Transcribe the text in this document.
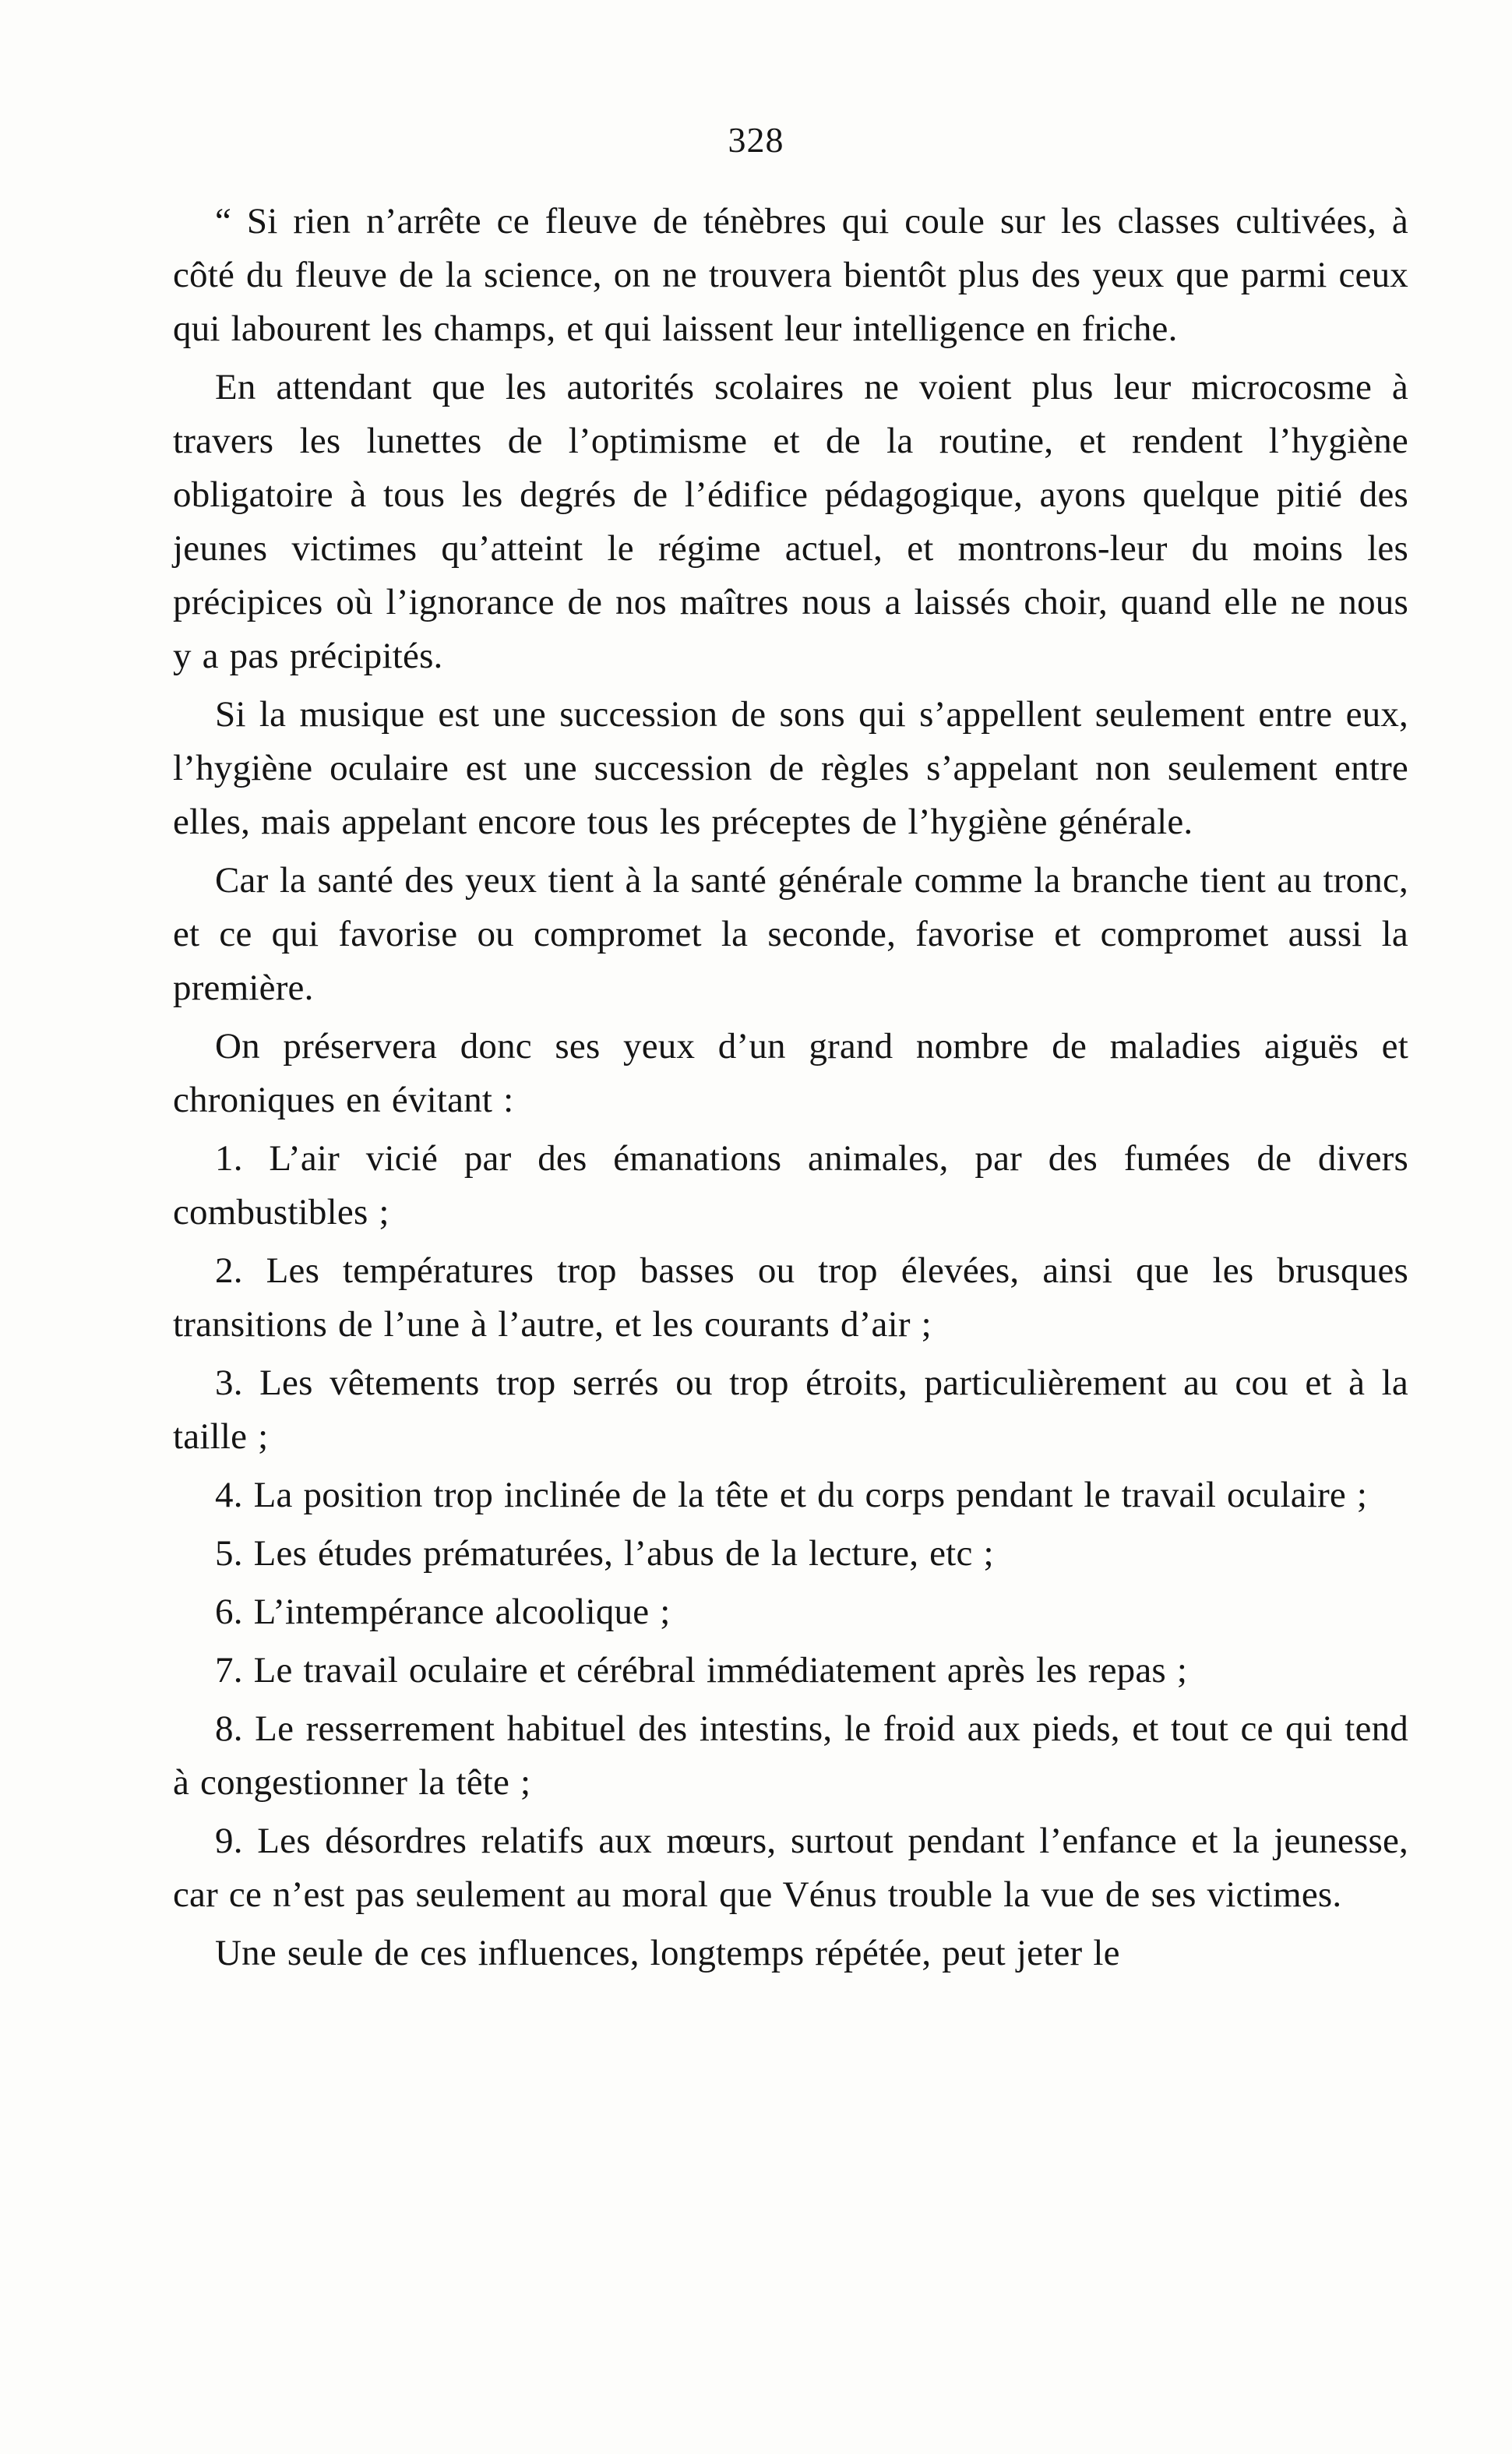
328

“ Si rien n’arrête ce fleuve de ténèbres qui coule sur les classes cultivées, à côté du fleuve de la science, on ne trouvera bientôt plus des yeux que parmi ceux qui labourent les champs, et qui laissent leur intelligence en friche.

En attendant que les autorités scolaires ne voient plus leur microcosme à travers les lunettes de l’optimisme et de la routine, et rendent l’hygiène obligatoire à tous les degrés de l’édifice pédagogique, ayons quelque pitié des jeunes victimes qu’atteint le régime actuel, et montrons-leur du moins les précipices où l’ignorance de nos maîtres nous a laissés choir, quand elle ne nous y a pas précipités.

Si la musique est une succession de sons qui s’appellent seulement entre eux, l’hygiène oculaire est une succession de règles s’appelant non seulement entre elles, mais appelant encore tous les préceptes de l’hygiène générale.

Car la santé des yeux tient à la santé générale comme la branche tient au tronc, et ce qui favorise ou compromet la seconde, favorise et compromet aussi la première.

On préservera donc ses yeux d’un grand nombre de maladies aiguës et chroniques en évitant :

1. L’air vicié par des émanations animales, par des fumées de divers combustibles ;

2. Les températures trop basses ou trop élevées, ainsi que les brusques transitions de l’une à l’autre, et les courants d’air ;

3. Les vêtements trop serrés ou trop étroits, particulièrement au cou et à la taille ;

4. La position trop inclinée de la tête et du corps pendant le travail oculaire ;

5. Les études prématurées, l’abus de la lecture, etc ;

6. L’intempérance alcoolique ;

7. Le travail oculaire et cérébral immédiatement après les repas ;

8. Le resserrement habituel des intestins, le froid aux pieds, et tout ce qui tend à congestionner la tête ;

9. Les désordres relatifs aux mœurs, surtout pendant l’enfance et la jeunesse, car ce n’est pas seulement au moral que Vénus trouble la vue de ses victimes.

Une seule de ces influences, longtemps répétée, peut jeter le
